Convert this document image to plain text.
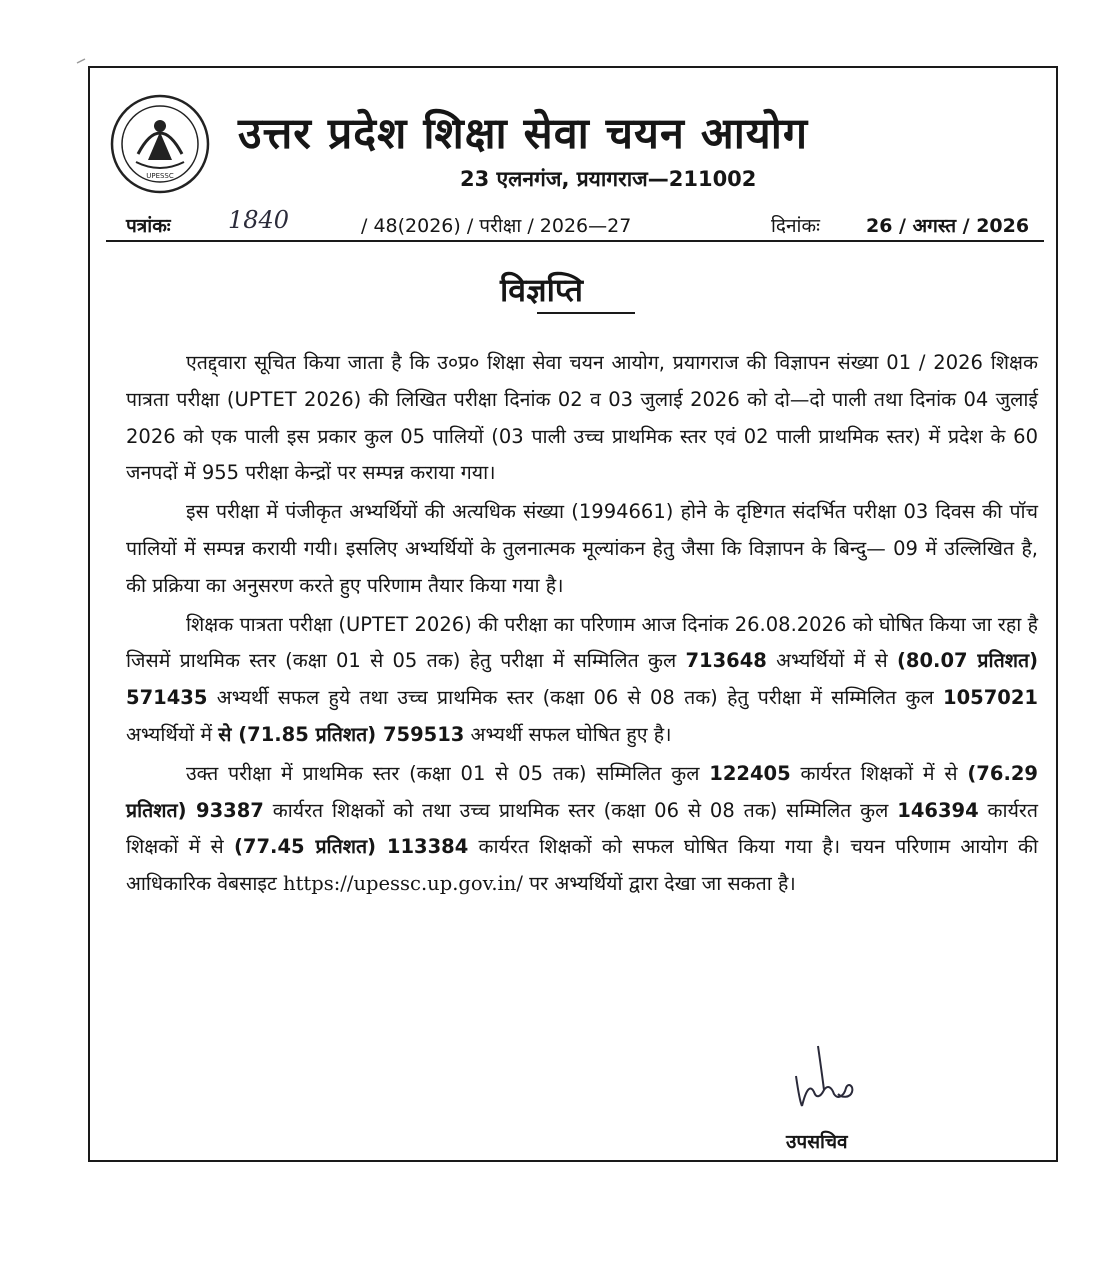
UPESSC
उत्तर प्रदेश शिक्षा सेवा चयन आयोग
23 एलनगंज, प्रयागराज—211002
पत्रांकः 1840	/ 48(2026) / परीक्षा / 2026—27	दिनांकः 26 / अगस्त / 2026
विज्ञप्ति

एतद्द्वारा सूचित किया जाता है कि उ०प्र० शिक्षा सेवा चयन आयोग, प्रयागराज की विज्ञापन संख्या 01 / 2026 शिक्षक पात्रता परीक्षा (UPTET 2026) की लिखित परीक्षा दिनांक 02 व 03 जुलाई 2026 को दो—दो पाली तथा दिनांक 04 जुलाई 2026 को एक पाली इस प्रकार कुल 05 पालियों (03 पाली उच्च प्राथमिक स्तर एवं 02 पाली प्राथमिक स्तर) में प्रदेश के 60 जनपदों में 955 परीक्षा केन्द्रों पर सम्पन्न कराया गया।

इस परीक्षा में पंजीकृत अभ्यर्थियों की अत्यधिक संख्या (1994661) होने के दृष्टिगत संदर्भित परीक्षा 03 दिवस की पॉच पालियों में सम्पन्न करायी गयी। इसलिए अभ्यर्थियों के तुलनात्मक मूल्यांकन हेतु जैसा कि विज्ञापन के बिन्दु— 09 में उल्लिखित है, की प्रक्रिया का अनुसरण करते हुए परिणाम तैयार किया गया है।

शिक्षक पात्रता परीक्षा (UPTET 2026) की परीक्षा का परिणाम आज दिनांक 26.08.2026 को घोषित किया जा रहा है जिसमें प्राथमिक स्तर (कक्षा 01 से 05 तक) हेतु परीक्षा में सम्मिलित कुल 713648 अभ्यर्थियों में से (80.07 प्रतिशत) 571435 अभ्यर्थी सफल हुये तथा उच्च प्राथमिक स्तर (कक्षा 06 से 08 तक) हेतु परीक्षा में सम्मिलित कुल 1057021 अभ्यर्थियों में से (71.85 प्रतिशत) 759513 अभ्यर्थी सफल घोषित हुए है।

उक्त परीक्षा में प्राथमिक स्तर (कक्षा 01 से 05 तक) सम्मिलित कुल 122405 कार्यरत शिक्षकों में से (76.29 प्रतिशत) 93387 कार्यरत शिक्षकों को तथा उच्च प्राथमिक स्तर (कक्षा 06 से 08 तक) सम्मिलित कुल 146394 कार्यरत शिक्षकों में से (77.45 प्रतिशत) 113384 कार्यरत शिक्षकों को सफल घोषित किया गया है। चयन परिणाम आयोग की आधिकारिक वेबसाइट https://upessc.up.gov.in/ पर अभ्यर्थियों द्वारा देखा जा सकता है।

उपसचिव
